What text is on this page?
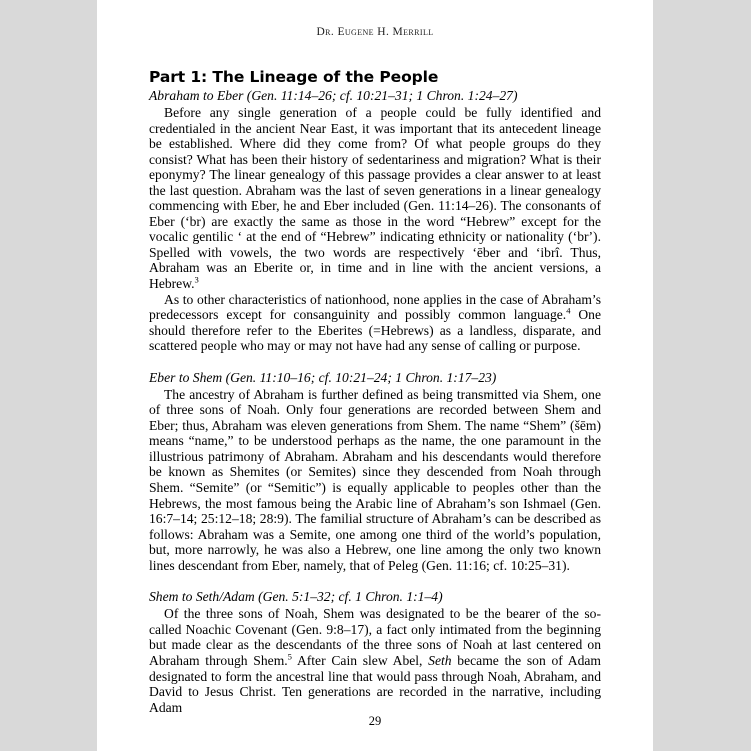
Dr. Eugene H. Merrill
Part 1: The Lineage of the People
Abraham to Eber (Gen. 11:14–26; cf. 10:21–31; 1 Chron. 1:24–27)

Before any single generation of a people could be fully identified and credentialed in the ancient Near East, it was important that its antecedent lineage be established. Where did they come from? Of what people groups do they consist? What has been their history of sedentariness and migration? What is their eponymy? The linear genealogy of this passage provides a clear answer to at least the last question. Abraham was the last of seven generations in a linear genealogy commencing with Eber, he and Eber included (Gen. 11:14–26). The consonants of Eber (ʻbr) are exactly the same as those in the word “Hebrew” except for the vocalic gentilic ʻ at the end of “Hebrew” indicating ethnicity or nationality (ʻbrʼ). Spelled with vowels, the two words are respectively ʻēber and ʻibrî. Thus, Abraham was an Eberite or, in time and in line with the ancient versions, a Hebrew.$^3$

As to other characteristics of nationhood, none applies in the case of Abraham’s predecessors except for consanguinity and possibly common language.$^4$ One should therefore refer to the Eberites (=Hebrews) as a landless, disparate, and scattered people who may or may not have had any sense of calling or purpose.

Eber to Shem (Gen. 11:10–16; cf. 10:21–24; 1 Chron. 1:17–23)

The ancestry of Abraham is further defined as being transmitted via Shem, one of three sons of Noah. Only four generations are recorded between Shem and Eber; thus, Abraham was eleven generations from Shem. The name “Shem” (šēm) means “name,” to be understood perhaps as the name, the one paramount in the illustrious patrimony of Abraham. Abraham and his descendants would therefore be known as Shemites (or Semites) since they descended from Noah through Shem. “Semite” (or “Semitic”) is equally applicable to peoples other than the Hebrews, the most famous being the Arabic line of Abraham’s son Ishmael (Gen. 16:7–14; 25:12–18; 28:9). The familial structure of Abraham’s can be described as follows: Abraham was a Semite, one among one third of the world’s population, but, more narrowly, he was also a Hebrew, one line among the only two known lines descendant from Eber, namely, that of Peleg (Gen. 11:16; cf. 10:25–31).

Shem to Seth/Adam (Gen. 5:1–32; cf. 1 Chron. 1:1–4)

Of the three sons of Noah, Shem was designated to be the bearer of the so-called Noachic Covenant (Gen. 9:8–17), a fact only intimated from the beginning but made clear as the descendants of the three sons of Noah at last centered on Abraham through Shem.$^5$ After Cain slew Abel, Seth became the son of Adam designated to form the ancestral line that would pass through Noah, Abraham, and David to Jesus Christ. Ten generations are recorded in the narrative, including Adam

29
